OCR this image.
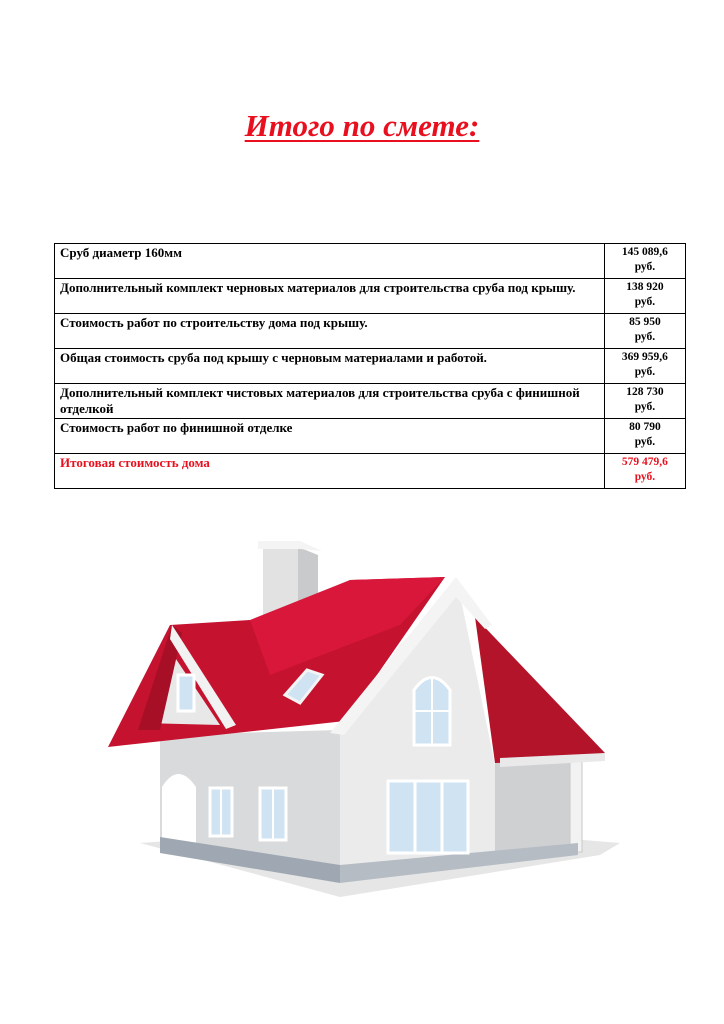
Итого по смете:
Сруб диаметр 160мм	145 089,6
руб.
Дополнительный комплект черновых материалов для строительства сруба под крышу.	138 920
руб.
Стоимость работ по строительству дома под крышу.	85 950
руб.
Общая стоимость сруба под крышу с черновым материалами и работой.	369 959,6
руб.
Дополнительный комплект чистовых материалов для строительства сруба с финишной отделкой	128 730
руб.
Стоимость работ по финишной отделке	80 790
руб.
Итоговая стоимость дома	579 479,6
руб.
